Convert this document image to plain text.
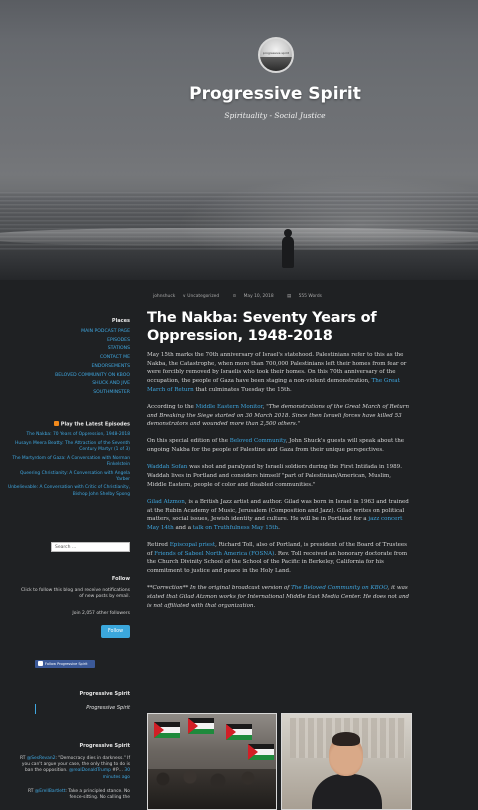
progressive spirit
Progressive Spirit
Spirituality - Social Justice
Places
MAIN PODCAST PAGE
EPISODES
STATIONS
CONTACT ME
ENDORSEMENTS
BELOVED COMMUNITY ON KBOO
SHUCK AND JIVE
SOUTHMINSTER
Play the Latest Episodes
The Nakba: 70 Years of Oppression, 1948-2018
Husayn Meera Beatty: The Attraction of the Seventh Century Martyr (1 of 3)
The Martyrdom of Gaza: A Conversation with Norman Finkelstein
Queering Christianity: A Conversation with Angela Yarber
Unbelievable: A Conversation with Critic of Christianity, Bishop John Shelby Spong
Search ...
Follow
Click to follow this blog and receive notifications of new posts by email.
Join 2,057 other followers
Follow
Follow Progressive Spirit
Progressive Spirit
Progressive Spirit
Progressive Spirit
RT @SesRevan2: "Democracy dies in darkness." If you can't argue your case, the only thing to do is ban the opposition. @realDonaldTrump #P… 30 minutes ago
RT @ErellBartlett: Take a principled stance. No fence-sitting. No calling the
johnshuck ∨ Uncategorized	⊙ May 10, 2018	▤ 555 Words
The Nakba: Seventy Years of Oppression, 1948-2018

May 15th marks the 70th anniversary of Israel's statehood. Palestinians refer to this as the Nakba, the Catastrophe, when more than 700,000 Palestinians left their homes from fear or were forcibly removed by Israelis who took their homes. On this 70th anniversary of the occupation, the people of Gaza have been staging a non-violent demonstration, The Great March of Return that culminates Tuesday the 15th.

According to the Middle Eastern Monitor, "The demonstrations of the Great March of Return and Breaking the Siege started on 30 March 2018. Since then Israeli forces have killed 53 demonstrators and wounded more than 2,500 others."

On this special edition of the Beloved Community, John Shuck's guests will speak about the ongoing Nakba for the people of Palestine and Gaza from their unique perspectives.

Waddah Sofan was shot and paralyzed by Israeli soldiers during the First Intifada in 1989. Waddah lives in Portland and considers himself "part of Palestinian/American, Muslim, Middle Eastern, people of color and disabled communities."

Gilad Atzmon, is a British Jazz artist and author. Gilad was born in Israel in 1963 and trained at the Rubin Academy of Music, Jerusalem (Composition and Jazz). Gilad writes on political matters, social issues, Jewish identity and culture. He will be in Portland for a jazz concert May 14th and a talk on Truthfulness May 15th.

Retired Episcopal priest, Richard Toll, also of Portland, is president of the Board of Trustees of Friends of Sabeel North America (FOSNA). Rev. Toll received an honorary doctorate from the Church Divinity School of the School of the Pacific in Berkeley, California for his commitment to justice and peace in the Holy Land.

**Correction** In the original broadcast version of The Beloved Community on KBOO, it was stated that Gilad Atzmon works for International Middle East Media Center. He does not and is not affiliated with that organization.
